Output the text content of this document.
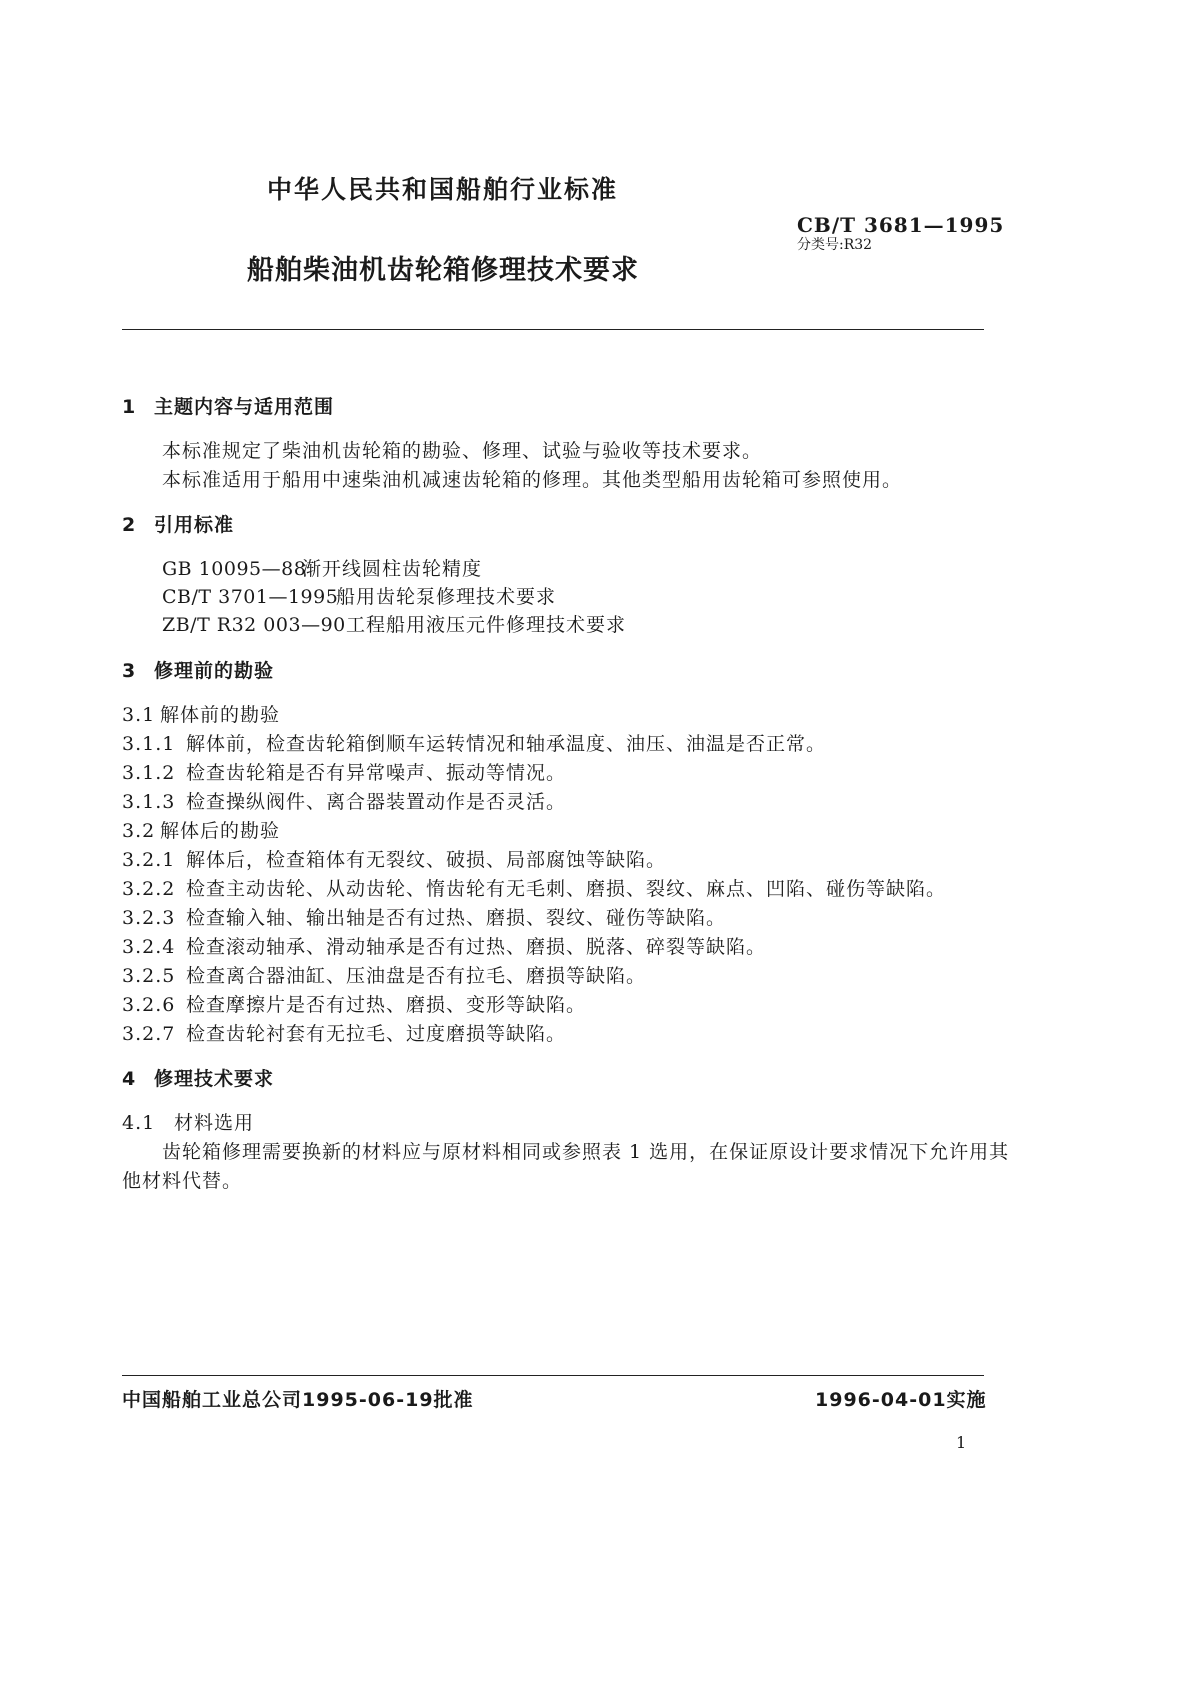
中华人民共和国船舶行业标准
CB/T 3681—1995
分类号:R32
船舶柴油机齿轮箱修理技术要求
1 主题内容与适用范围
本标准规定了柴油机齿轮箱的勘验、修理、试验与验收等技术要求。
本标准适用于船用中速柴油机减速齿轮箱的修理。其他类型船用齿轮箱可参照使用。
2 引用标准
GB 10095—88渐开线圆柱齿轮精度
CB/T 3701—1995船用齿轮泵修理技术要求
ZB/T R32 003—90工程船用液压元件修理技术要求
3 修理前的勘验
3.1 解体前的勘验
3.1.1 解体前，检查齿轮箱倒顺车运转情况和轴承温度、油压、油温是否正常。
3.1.2 检查齿轮箱是否有异常噪声、振动等情况。
3.1.3 检查操纵阀件、离合器装置动作是否灵活。
3.2 解体后的勘验
3.2.1 解体后，检查箱体有无裂纹、破损、局部腐蚀等缺陷。
3.2.2 检查主动齿轮、从动齿轮、惰齿轮有无毛刺、磨损、裂纹、麻点、凹陷、碰伤等缺陷。
3.2.3 检查输入轴、输出轴是否有过热、磨损、裂纹、碰伤等缺陷。
3.2.4 检查滚动轴承、滑动轴承是否有过热、磨损、脱落、碎裂等缺陷。
3.2.5 检查离合器油缸、压油盘是否有拉毛、磨损等缺陷。
3.2.6 检查摩擦片是否有过热、磨损、变形等缺陷。
3.2.7 检查齿轮衬套有无拉毛、过度磨损等缺陷。
4 修理技术要求
4.1 材料选用
齿轮箱修理需要换新的材料应与原材料相同或参照表 1 选用，在保证原设计要求情况下允许用其
他材料代替。
中国船舶工业总公司1995-06-19批准	1996-04-01实施
1
